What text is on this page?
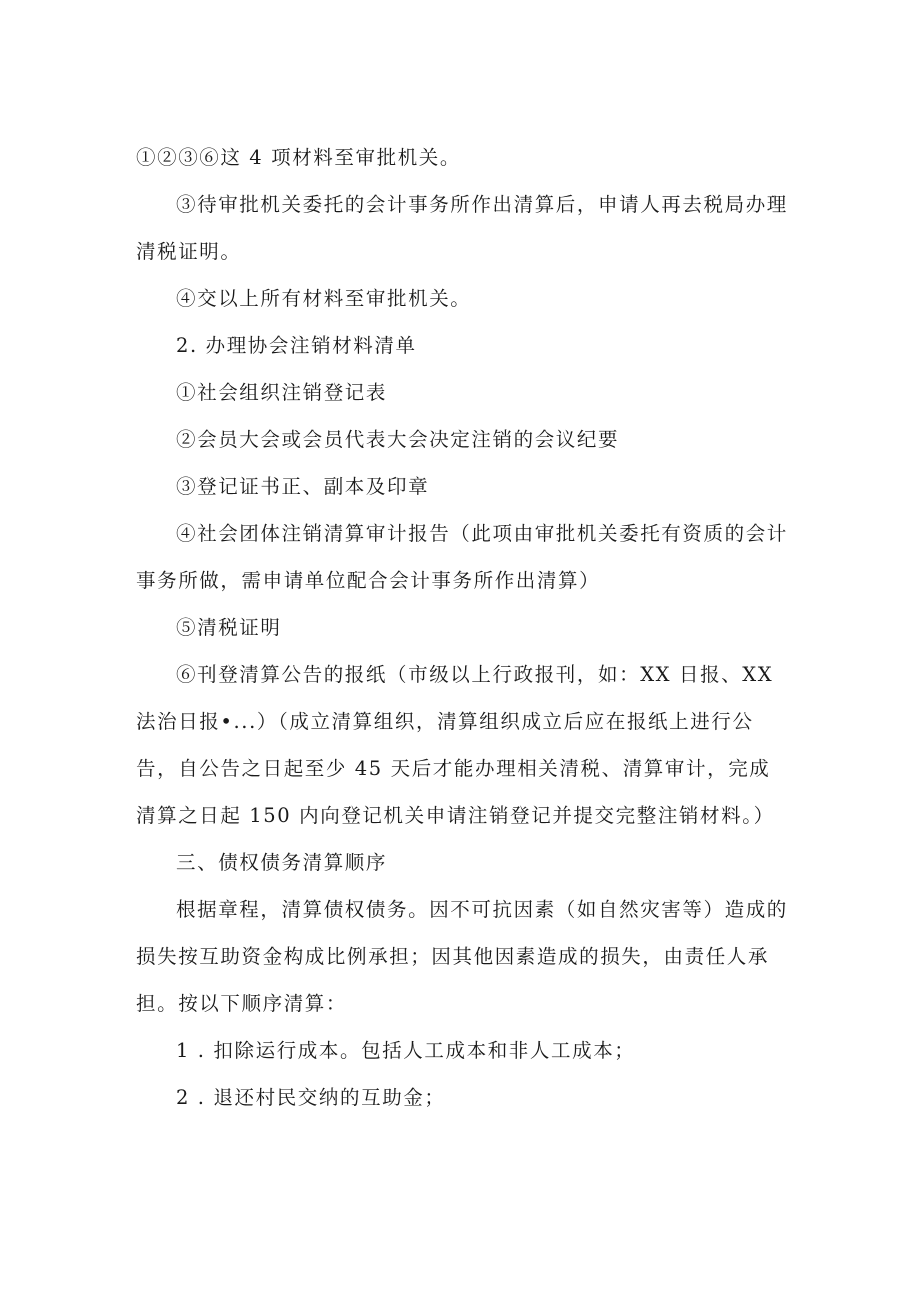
①②③⑥这 4 项材料至审批机关。

③待审批机关委托的会计事务所作出清算后，申请人再去税局办理清税证明。

④交以上所有材料至审批机关。

2. 办理协会注销材料清单

①社会组织注销登记表

②会员大会或会员代表大会决定注销的会议纪要

③登记证书正、副本及印章

④社会团体注销清算审计报告（此项由审批机关委托有资质的会计事务所做，需申请单位配合会计事务所作出清算）

⑤清税证明

⑥刊登清算公告的报纸（市级以上行政报刊，如：XX 日报、XX 法治日报•...）（成立清算组织，清算组织成立后应在报纸上进行公告，自公告之日起至少 45 天后才能办理相关清税、清算审计，完成清算之日起 150 内向登记机关申请注销登记并提交完整注销材料。）

三、债权债务清算顺序

根据章程，清算债权债务。因不可抗因素（如自然灾害等）造成的损失按互助资金构成比例承担；因其他因素造成的损失，由责任人承担。按以下顺序清算：

1 . 扣除运行成本。包括人工成本和非人工成本；

2 . 退还村民交纳的互助金；
